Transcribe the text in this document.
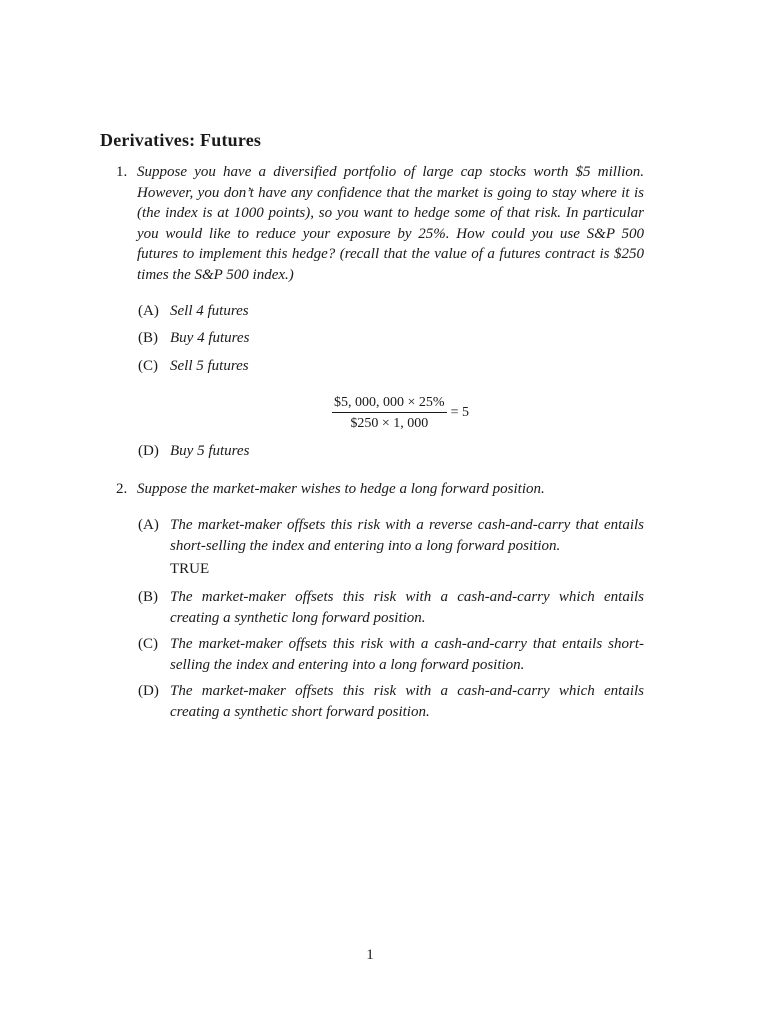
Derivatives: Futures
1. Suppose you have a diversified portfolio of large cap stocks worth $5 million. However, you don’t have any confidence that the market is going to stay where it is (the index is at 1000 points), so you want to hedge some of that risk. In particular you would like to reduce your exposure by 25%. How could you use S&P 500 futures to implement this hedge? (recall that the value of a futures contract is $250 times the S&P 500 index.)
(A) Sell 4 futures
(B) Buy 4 futures
(C) Sell 5 futures
$\frac{\$5, 000, 000 \times 25\%}{\$250 \times 1, 000} = 5$
(D) Buy 5 futures
2. Suppose the market-maker wishes to hedge a long forward position.
(A) The market-maker offsets this risk with a reverse cash-and-carry that entails short-selling the index and entering into a long forward position.
TRUE
(B) The market-maker offsets this risk with a cash-and-carry which entails creating a synthetic long forward position.
(C) The market-maker offsets this risk with a cash-and-carry that entails short-selling the index and entering into a long forward position.
(D) The market-maker offsets this risk with a cash-and-carry which entails creating a synthetic short forward position.
1
